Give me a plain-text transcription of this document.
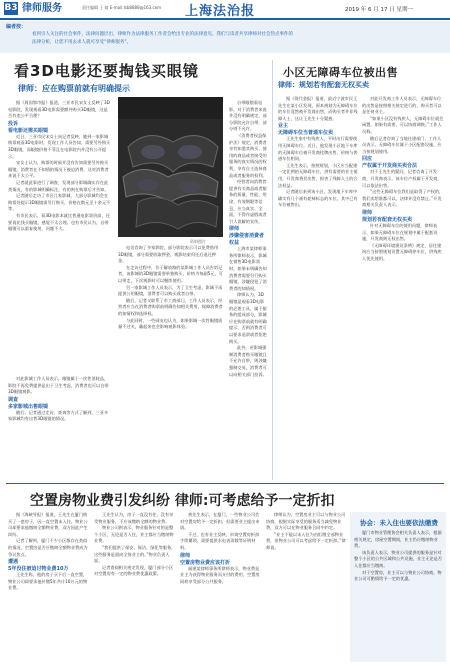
B3 律师服务	责任编辑 王 婧 E-mail:lsb8888@163.com 上海法治报	2019 年 6 月 17 日 星期一
编者按：
看到引人关注的社会事件，法律问题层出，律师作为法律服务工作者会给出专业的法律意见。我们与读者共享律师对社会热点事件的
法律分析，让您不用去求人就可享受“律师服务”。
看3D电影还要掏钱买眼镜
律师：应在购票前就有明确提示

据《周国鄂市报》报道，三亚市民宋女士反映了3D电影院，发现观看3D电影需要额外购买3D眼镜，这是否有违公平合理？

投诉

看电影还需买眼镜

近日，三亚市民宋女士向记者反映，她到一家影城购票观看3D电影时，发现工作人员告知，需要另外购买3D眼镜，而眼镜价格不菲且在电影院内并没有公开提示。

宋女士认为，购票的时候并没有告知需要另外购买眼镜，消费者在不知情的情况下被迫消费，这对消费者来说不太公平。

记者就此事进行了调查，发现部分影城确实存在此类情况，有的影城明确标注，有的则在购票后才告知。

记者随后走访了市区几家影城，大部分影城均会在购票处提示3D眼镜需另行购买，价格在数元至十余元不等。

有市民表示，看3D电影本就比普通电影票价高，还要再花钱买眼镜，感觉不太合理。也有市民认为，自带眼镜可以重复使用，问题不大。

对此影城工作人员表示，眼镜属于一次性消耗品，影院不再免费提供是出于卫生考虑，消费者也可以自带3D眼镜观影。

调查

多家影城出售眼镜

随后，记者通过走访、查询等方式了解到，三亚多家影城均有出售3D眼镜的情况。

资料图片

电话咨询了多家影院，部分影院表示可以免费借用3D眼镜，部分需要收取押金，观影结束归还后退还押金。

在走访过程中，位于解放路的某影城工作人员告诉记者，该影城的3D眼镜需要单独购买，价格为每副5元，可以带走，下次观影时可以继续使用。

另一家影城工作人员表示，为了卫生考虑，影城不再提供公用眼镜，消费者可以购买或者自带。

随后，记者又联系了市工商部门，工作人员表示，经营者应当在消费者购票前明确告知相关费用，保障消费者的知情权和选择权。

与此同时，一些网友也认为，如果影城一次性眼镜质量不过关，戴起来也会影响观影体验。

自带眼镜看电影，对于消费者来说并没有明确规定，部分影院允许自带，部分则不允许。

《消费者权益保护法》规定，消费者享有知悉其购买、使用的商品或者接受的服务的真实情况的权利，享有自主选择商品或者服务的权利。

经营者向消费者提供有关商品或者服务的质量、性能、用途、有效期限等信息，应当真实、全面，不得作虚假或者引人误解的宣传。

律师

涉嫌侵害消费者权益

上海市某律师事务所律师表示，影城在销售3D电影票时，如果未明确告知消费者需要另行购买眼镜，涉嫌侵犯了消费者的知情权。

律师认为，3D眼镜是观看3D电影的必要工具，属于服务的组成部分，影城应在购票前就有明确提示，否则消费者可以要求退票或者拒绝购买。

此外，若影城强制消费者购买眼镜且不允许自带，则涉嫌强制交易，消费者可以向相关部门投诉。

小区无障碍车位被出售
律师：规划若有配套无权买卖

据《现代金报》报道，最近宁波市民王先生在某小区发现，原本规划为无障碍车位的车位竟然被开发商出售，而购买者并非残障人士，这让王先生十分疑惑。

业主

无障碍车位当普通车位卖

王先生家中有残疾人，平时出行需要使用无障碍车位。近日，他发现小区地下车库的无障碍车位被开发商挂牌出售，价格与普通车位相同。

王先生表示，按照规划，小区应当配建一定比例的无障碍车位，供有需要的业主使用，开发商将其出售，损害了残障人士的合法权益。

记者随后来到该小区，发现地下车库中确实有几个画有轮椅标志的车位，其中已有车位被售出。

对此开发商工作人员表示，无障碍车位的出售是按照相关规定进行的，购买者可以是任何业主。

“如果小区没有残疾人，无障碍车位就会闲置，如果有需要，可以协商调换。”工作人员称。

随后记者咨询了当地住建部门，工作人员表示，无障碍车位属于小区配套设施，应当按规划使用。

回应

产权属于开发商买卖合法

对于王先生的疑问，记者咨询了开发商，开发商表示，该车位产权属于开发商，可以依法出售。

“这些无障碍车位我们是取得了产权的，我们卖给谁都可以，法律并没有禁止。”开发商相关负责人表示。

律师

规划若有配套无权买卖

针对无障碍车位的使用问题，律师表示，如果无障碍车位在规划中属于配套设施，开发商则无权出售。

《无障碍环境建设条例》规定，居住建筑应当按照规划设置无障碍停车位，供残疾人优先使用。

空置房物业费引发纠纷 律师:可考虑给予一定折扣

据《海峡导报》报道，王先生在厦门购买了一套房子，因一直空置未入住，物业公司却要求他缴纳全额物业费，双方因此产生纠纷。

记者了解到，厦门不少小区都存在类似的情况，空置房是否应缴纳全额物业费成为争议焦点。

遭遇

5年没住被追讨物业费10万

王先生称，他的房子买下后一直空置，物业公司却要求他补缴5年共计10万元的物业费。

王先生认为，房子一直没有住，没有享受物业服务，不应该缴纳全额的物业费。

物业公司则表示，物业服务针对的是整个小区，无论是否入住，业主都应当缴纳物业费。

“我们提供了保安、保洁、绿化等服务，这些服务是面向全体业主的。”物业负责人说。

记者查阅相关规定发现，厦门部分小区对空置房有一定的物业费优惠政策。

黄先生表示，在厦门，一些物业公司会对空置房给予一定折扣，但需要业主提出申请。

不过，也有业主反映，申请空置房折扣手续繁琐，需要提供水电表读数等证明材料。

律师

空置房物业费应该打折

福建某律师事务所律师表示，物业费是业主为获得物业服务而支付的费用，空置房同样享受部分公共服务。

律师认为，空置房业主可以与物业公司协商，根据实际享受的服务适当减免物业费，双方可以在物业服务合同中约定。

“业主不能以未入住为由拒缴全部物业费，但物业公司可以考虑给予一定折扣。”律师说。

协会：未入住也要依法缴费

厦门市物业管理协会相关负责人表示，根据相关规定，房屋空置期间，业主仍应缴纳物业费。

该负责人表示，物业公司提供的服务是针对整个小区的公共区域和公共设施，业主无论是否入住都应当缴纳。

对于空置房，业主可以与物业公司协商，物业公司可酌情给予一定的优惠。
